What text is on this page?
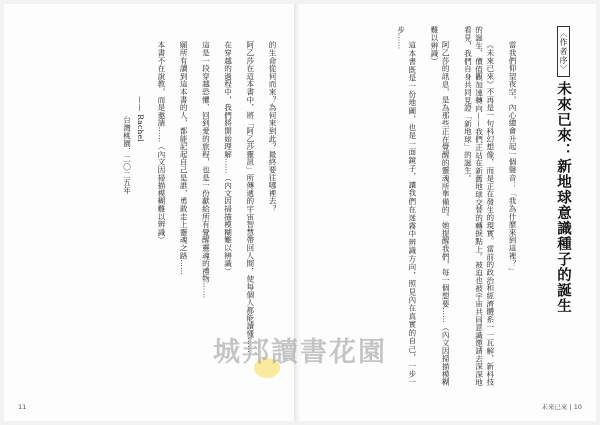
的生命從何而來？為何來到此？最終要往哪裡去？

阿乙莎在這本書中，將「阿乙莎靈訊」所傳遞的宇宙智慧帶回人間，使每個人都能讀懂……

在穿越的過程中，我們將開始理解……（內文因掃描模糊難以辨識）

這是一段穿越恐懼、回到愛的旅程，也是一份獻給所有覺醒靈魂的禮物……

願所有讀到這本書的人，都能記起自己是誰，勇敢走上靈魂之路……

本書不在說教，而是邀請……（內文因掃描模糊難以辨識）

—— Rachel

台灣桃園．二〇二五年

11
〈作者序〉未來已來：新地球意識種子的誕生

當我們仰望夜空，內心總會升起一個聲音：「我為什麼來到這裡？」

《未來已來》不再是一句科幻想像，而是正在發生的現實。當前的政治和經濟體系一一瓦解，新科技的誕生、價值觀加速轉向——我們正站在新舊地球交替的轉捩點上。被迫也被宇宙共同意識邀請去深深地看見，我們自身共同見證「新地球」的誕生。

阿乙莎的訊息，是為那些正在覺醒的靈魂所準備的。她提醒我們，每一個想要……（內文因掃描模糊難以辨識）

這本書既是一份地圖，也是一面鏡子，讓我們在迷霧中辨識方向，照見內在真實的自己，一步一步……

未來已來 | 10
城邦讀書花園
